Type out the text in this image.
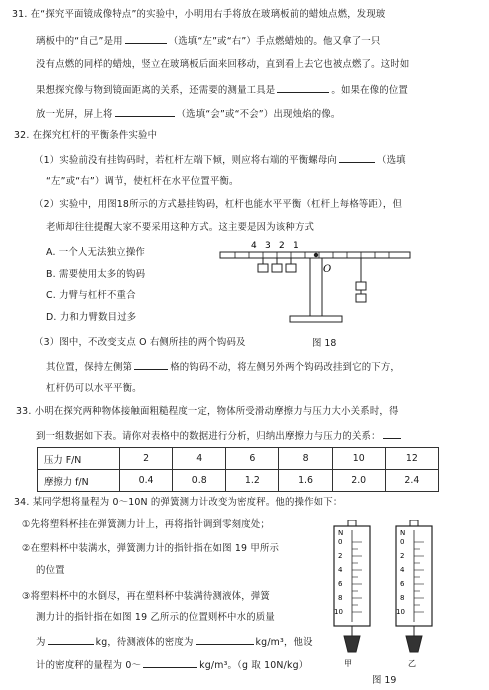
31. 在“探究平面镜成像特点”的实验中，小明用右手将放在玻璃板前的蜡烛点燃，发现玻
璃板中的“自己”是用	（选填“左”或“右”）手点燃蜡烛的。他又拿了一只
没有点燃的同样的蜡烛，竖立在玻璃板后面来回移动，直到看上去它也被点燃了。这时如
果想探究像与物到镜面距离的关系，还需要的测量工具是	。如果在像的位置
放一光屏，屏上将	（选填“会”或“不会”）出现烛焰的像。
32. 在探究杠杆的平衡条件实验中
（1）实验前没有挂钩码时，若杠杆左端下倾，则应将右端的平衡螺母向	（选填
“左”或“右”）调节，使杠杆在水平位置平衡。
（2）实验中，用图18所示的方式悬挂钩码，杠杆也能水平平衡（杠杆上每格等距），但
老师却往往提醒大家不要采用这种方式。这主要是因为该种方式
A. 一个人无法独立操作
B. 需要使用太多的钩码
C. 力臂与杠杆不重合
D. 力和力臂数目过多
4 3 2 1
O
图 18
（3）图中，不改变支点 O 右侧所挂的两个钩码及
其位置，保持左侧第	格的钩码不动，将左侧另外两个钩码改挂到它的下方，
杠杆仍可以水平平衡。
33. 小明在探究两种物体接触面粗糙程度一定，物体所受滑动摩擦力与压力大小关系时，得
到一组数据如下表。请你对表格中的数据进行分析，归纳出摩擦力与压力的关系：
压力 F/N	2	4	6	8	10	12
摩擦力 f/N	0.4	0.8	1.2	1.6	2.0	2.4
34. 某同学想将量程为 0～10N 的弹簧测力计改变为密度秤。他的操作如下：
①先将塑料杯挂在弹簧测力计上，再将指针调到零刻度处；
②在塑料杯中装满水，弹簧测力计的指针指在如图 19 甲所示
的位置
③将塑料杯中的水倒尽，再在塑料杯中装满待测液体，弹簧
测力计的指针指在如图 19 乙所示的位置则杯中水的质量
为	kg，待测液体的密度为	kg/m³，他设
计的密度秤的量程为 0～	kg/m³。（g 取 10N/kg）
N
0
2
4
6
8
10
N
0
2
4
6
8
10
甲	乙
图 19
